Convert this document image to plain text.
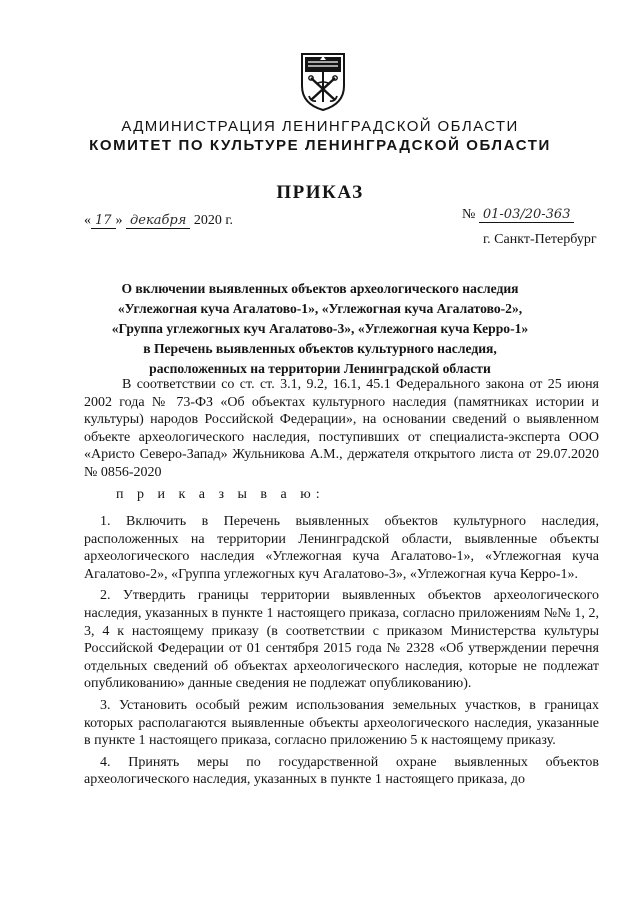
АДМИНИСТРАЦИЯ ЛЕНИНГРАДСКОЙ ОБЛАСТИ
КОМИТЕТ ПО КУЛЬТУРЕ ЛЕНИНГРАДСКОЙ ОБЛАСТИ
ПРИКАЗ
« 17 » декабря 2020 г.	№ 01-03/20-363
г. Санкт-Петербург
О включении выявленных объектов археологического наследия
«Углежогная куча Агалатово-1», «Углежогная куча Агалатово-2»,
«Группа углежогных куч Агалатово-3», «Углежогная куча Керро-1»
в Перечень выявленных объектов культурного наследия,
расположенных на территории Ленинградской области

В соответствии со ст. ст. 3.1, 9.2, 16.1, 45.1 Федерального закона от 25 июня 2002 года № 73-ФЗ «Об объектах культурного наследия (памятниках истории и культуры) народов Российской Федерации», на основании сведений о выявленном объекте археологического наследия, поступивших от специалиста-эксперта ООО «Аристо Северо-Запад» Жульникова А.М., держателя открытого листа от 29.07.2020 № 0856-2020

п р и к а з ы в а ю:

1. Включить в Перечень выявленных объектов культурного наследия, расположенных на территории Ленинградской области, выявленные объекты археологического наследия «Углежогная куча Агалатово-1», «Углежогная куча Агалатово-2», «Группа углежогных куч Агалатово-3», «Углежогная куча Керро-1».

2. Утвердить границы территории выявленных объектов археологического наследия, указанных в пункте 1 настоящего приказа, согласно приложениям №№ 1, 2, 3, 4 к настоящему приказу (в соответствии с приказом Министерства культуры Российской Федерации от 01 сентября 2015 года № 2328 «Об утверждении перечня отдельных сведений об объектах археологического наследия, которые не подлежат опубликованию» данные сведения не подлежат опубликованию).

3. Установить особый режим использования земельных участков, в границах которых располагаются выявленные объекты археологического наследия, указанные в пункте 1 настоящего приказа, согласно приложению 5 к настоящему приказу.

4. Принять меры по государственной охране выявленных объектов археологического наследия, указанных в пункте 1 настоящего приказа, до
